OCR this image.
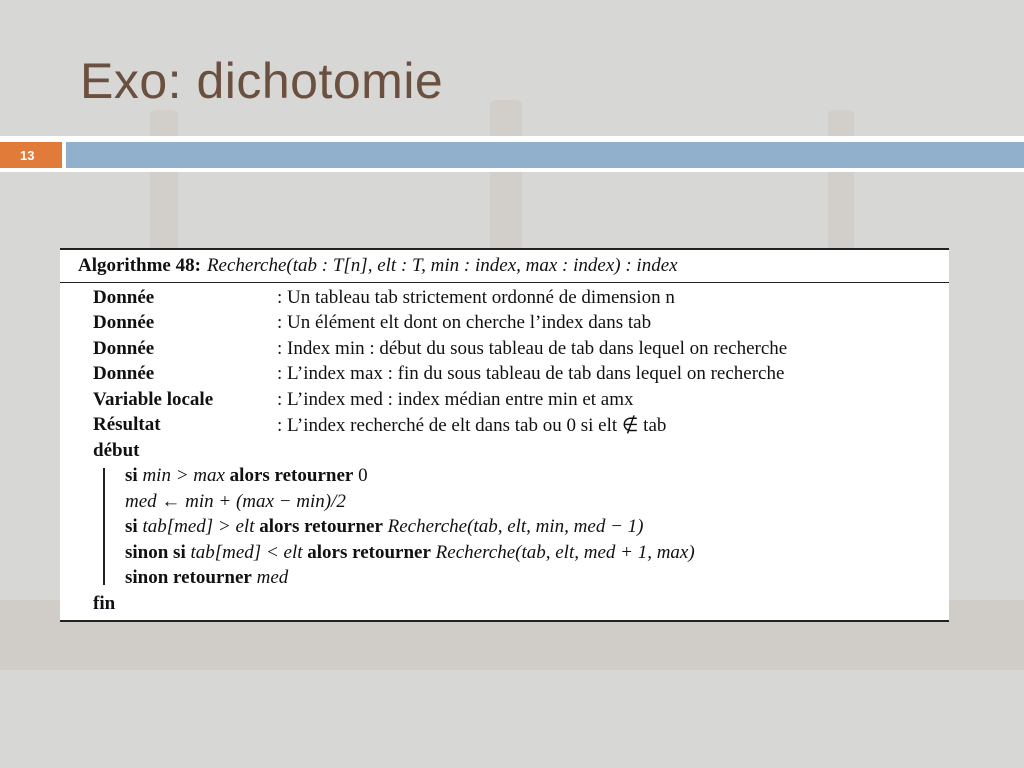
Exo: dichotomie
13
Algorithme 48: Recherche(tab : T[n], elt : T, min : index, max : index) : index
Donnée	: Un tableau tab strictement ordonné de dimension n
Donnée	: Un élément elt dont on cherche l’index dans tab
Donnée	: Index min : début du sous tableau de tab dans lequel on recherche
Donnée	: L’index max : fin du sous tableau de tab dans lequel on recherche
Variable locale	: L’index med : index médian entre min et amx
Résultat	: L’index recherché de elt dans tab ou 0 si elt ∉ tab
début
si min > max alors retourner 0
med ← min + (max − min)/2
si tab[med] > elt alors retourner Recherche(tab, elt, min, med − 1)
sinon si tab[med] < elt alors retourner Recherche(tab, elt, med + 1, max)
sinon retourner med
fin
